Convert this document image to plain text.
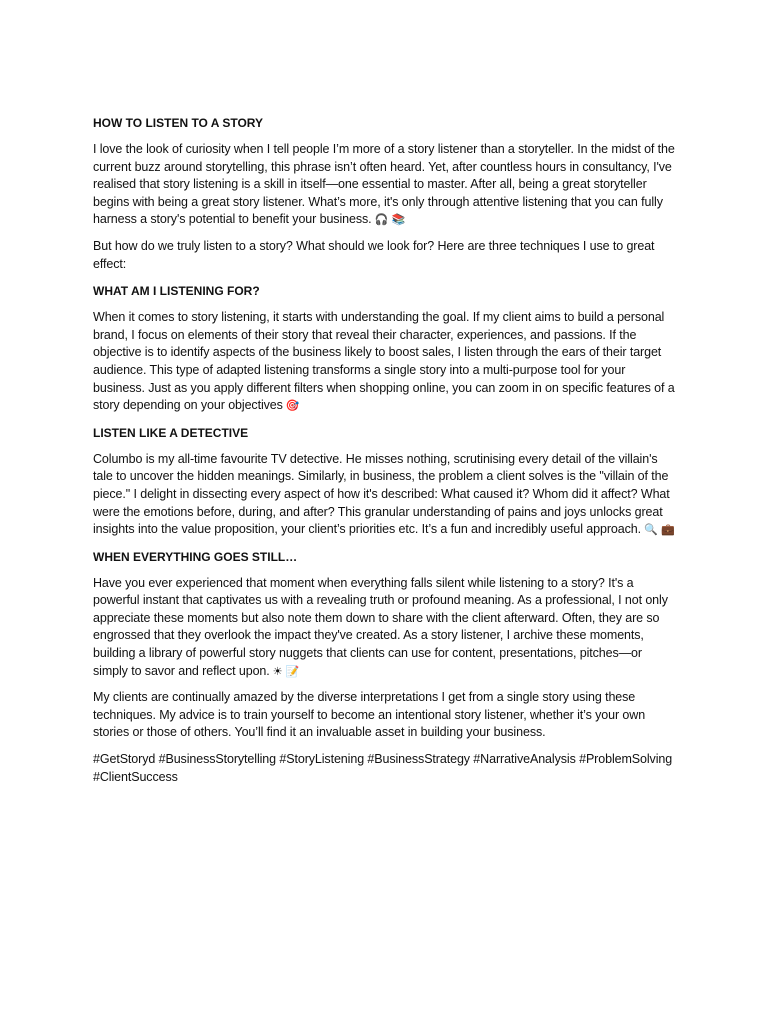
HOW TO LISTEN TO A STORY

I love the look of curiosity when I tell people I’m more of a story listener than a storyteller. In the midst of the current buzz around storytelling, this phrase isn’t often heard. Yet, after countless hours in consultancy, I've realised that story listening is a skill in itself—one essential to master. After all, being a great storyteller begins with being a great story listener. What’s more, it's only through attentive listening that you can fully harness a story's potential to benefit your business. 🎧 📚

But how do we truly listen to a story? What should we look for? Here are three techniques I use to great effect:

WHAT AM I LISTENING FOR?

When it comes to story listening, it starts with understanding the goal. If my client aims to build a personal brand, I focus on elements of their story that reveal their character, experiences, and passions. If the objective is to identify aspects of the business likely to boost sales, I listen through the ears of their target audience. This type of adapted listening transforms a single story into a multi-purpose tool for your business. Just as you apply different filters when shopping online, you can zoom in on specific features of a story depending on your objectives 🎯

LISTEN LIKE A DETECTIVE

Columbo is my all-time favourite TV detective. He misses nothing, scrutinising every detail of the villain's tale to uncover the hidden meanings. Similarly, in business, the problem a client solves is the "villain of the piece." I delight in dissecting every aspect of how it's described: What caused it? Whom did it affect? What were the emotions before, during, and after? This granular understanding of pains and joys unlocks great insights into the value proposition, your client’s priorities etc. It’s a fun and incredibly useful approach. 🔍 💼

WHEN EVERYTHING GOES STILL…

Have you ever experienced that moment when everything falls silent while listening to a story? It's a powerful instant that captivates us with a revealing truth or profound meaning. As a professional, I not only appreciate these moments but also note them down to share with the client afterward. Often, they are so engrossed that they overlook the impact they've created. As a story listener, I archive these moments, building a library of powerful story nuggets that clients can use for content, presentations, pitches—or simply to savor and reflect upon. ☀ 📝

My clients are continually amazed by the diverse interpretations I get from a single story using these techniques. My advice is to train yourself to become an intentional story listener, whether it’s your own stories or those of others. You’ll find it an invaluable asset in building your business.

#GetStoryd #BusinessStorytelling #StoryListening #BusinessStrategy #NarrativeAnalysis #ProblemSolving #ClientSuccess
